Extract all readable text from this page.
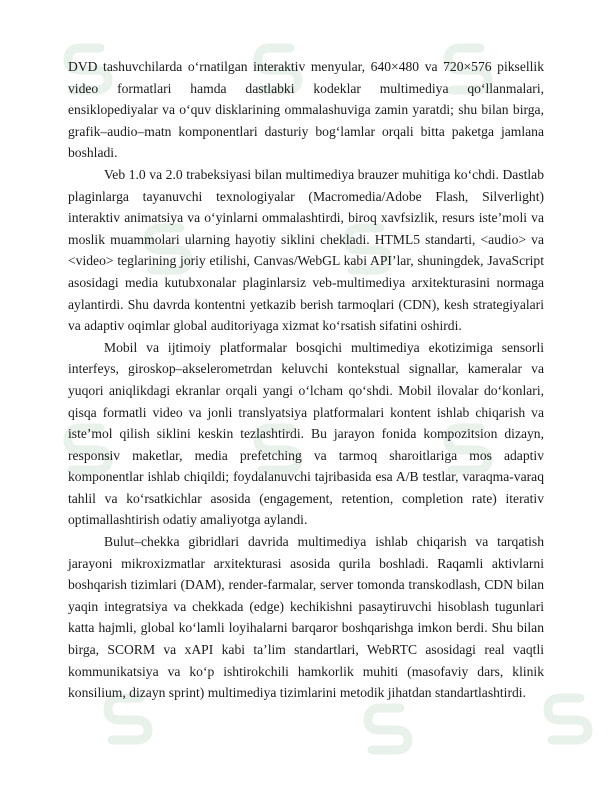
DVD tashuvchilarda o‘rnatilgan interaktiv menyular, 640×480 va 720×576 piksellik video formatlari hamda dastlabki kodeklar multimediya qo‘llanmalari, ensiklopediyalar va o‘quv disklarining ommalashuviga zamin yaratdi; shu bilan birga, grafik–audio–matn komponentlari dasturiy bog‘lamlar orqali bitta paketga jamlana boshladi.

Veb 1.0 va 2.0 trabeksiyasi bilan multimediya brauzer muhitiga ko‘chdi. Dastlab plaginlarga tayanuvchi texnologiyalar (Macromedia/Adobe Flash, Silverlight) interaktiv animatsiya va o‘yinlarni ommalashtirdi, biroq xavfsizlik, resurs iste’moli va moslik muammolari ularning hayotiy siklini chekladi. HTML5 standarti, <audio> va <video> teglarining joriy etilishi, Canvas/WebGL kabi API’lar, shuningdek, JavaScript asosidagi media kutubxonalar plaginlarsiz veb-multimediya arxitekturasini normaga aylantirdi. Shu davrda kontentni yetkazib berish tarmoqlari (CDN), kesh strategiyalari va adaptiv oqimlar global auditoriyaga xizmat ko‘rsatish sifatini oshirdi.

Mobil va ijtimoiy platformalar bosqichi multimediya ekotizimiga sensorli interfeys, giroskop–akselerometrdan keluvchi kontekstual signallar, kameralar va yuqori aniqlikdagi ekranlar orqali yangi o‘lcham qo‘shdi. Mobil ilovalar do‘konlari, qisqa formatli video va jonli translyatsiya platformalari kontent ishlab chiqarish va iste’mol qilish siklini keskin tezlashtirdi. Bu jarayon fonida kompozitsion dizayn, responsiv maketlar, media prefetching va tarmoq sharoitlariga mos adaptiv komponentlar ishlab chiqildi; foydalanuvchi tajribasida esa A/B testlar, varaqma-varaq tahlil va ko‘rsatkichlar asosida (engagement, retention, completion rate) iterativ optimallashtirish odatiy amaliyotga aylandi.

Bulut–chekka gibridlari davrida multimediya ishlab chiqarish va tarqatish jarayoni mikroxizmatlar arxitekturasi asosida qurila boshladi. Raqamli aktivlarni boshqarish tizimlari (DAM), render-farmalar, server tomonda transkodlash, CDN bilan yaqin integratsiya va chekkada (edge) kechikishni pasaytiruvchi hisoblash tugunlari katta hajmli, global ko‘lamli loyihalarni barqaror boshqarishga imkon berdi. Shu bilan birga, SCORM va xAPI kabi ta’lim standartlari, WebRTC asosidagi real vaqtli kommunikatsiya va ko‘p ishtirokchili hamkorlik muhiti (masofaviy dars, klinik konsilium, dizayn sprint) multimediya tizimlarini metodik jihatdan standartlashtirdi.
